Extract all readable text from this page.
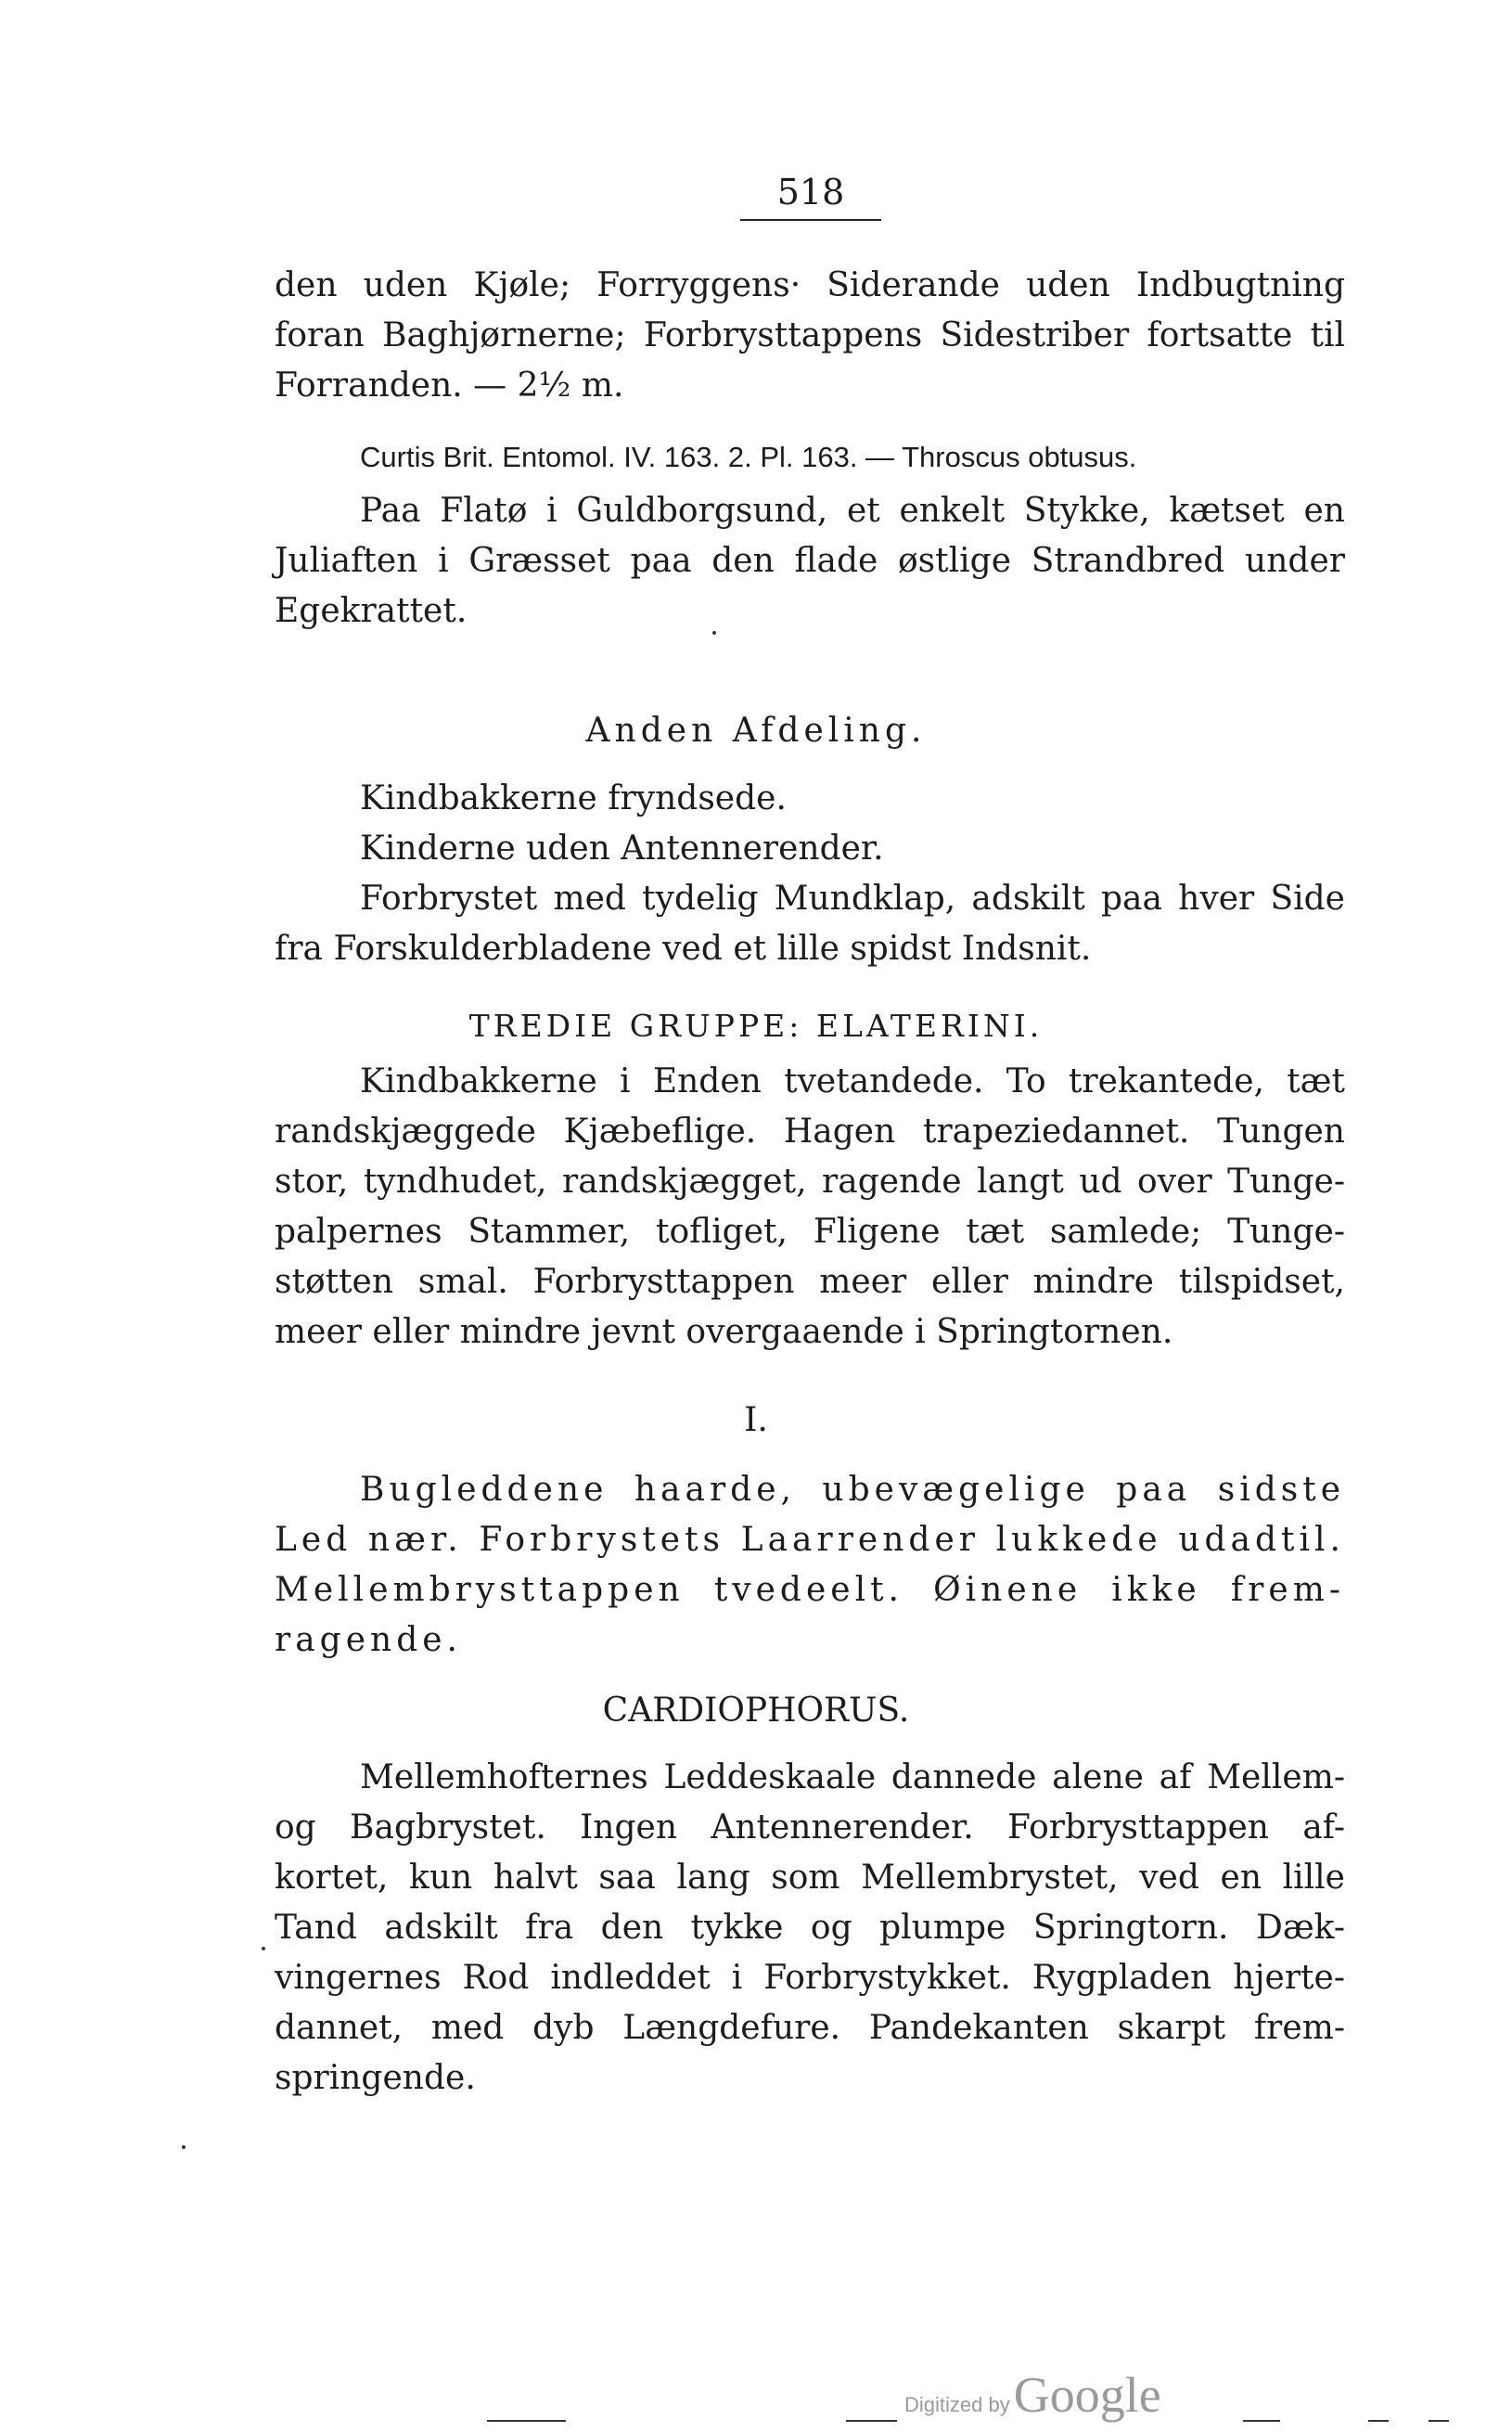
518
den uden Kjøle; Forryggens· Siderande uden Indbugtning
foran Baghjørnerne; Forbrysttappens Sidestriber fortsatte til
Forranden. — 2½ m.
Curtis Brit. Entomol. IV. 163. 2. Pl. 163. — Throscus obtusus.
Paa Flatø i Guldborgsund, et enkelt Stykke, kætset en
Juliaften i Græsset paa den flade østlige Strandbred under
Egekrattet.
Anden Afdeling.
Kindbakkerne fryndsede.
Kinderne uden Antennerender.
Forbrystet med tydelig Mundklap, adskilt paa hver Side
fra Forskulderbladene ved et lille spidst Indsnit.
TREDIE GRUPPE: ELATERINI.
Kindbakkerne i Enden tvetandede. To trekantede, tæt
randskjæggede Kjæbeflige. Hagen trapeziedannet. Tungen
stor, tyndhudet, randskjægget, ragende langt ud over Tunge-
palpernes Stammer, tofliget, Fligene tæt samlede; Tunge-
støtten smal. Forbrysttappen meer eller mindre tilspidset,
meer eller mindre jevnt overgaaende i Springtornen.
I.
Bugleddene haarde, ubevægelige paa sidste
Led nær. Forbrystets Laarrender lukkede udadtil.
Mellembrysttappen tvedeelt. Øinene ikke frem-
ragende.
CARDIOPHORUS.
Mellemhofternes Leddeskaale dannede alene af Mellem-
og Bagbrystet. Ingen Antennerender. Forbrysttappen af-
kortet, kun halvt saa lang som Mellembrystet, ved en lille
Tand adskilt fra den tykke og plumpe Springtorn. Dæk-
vingernes Rod indleddet i Forbrystykket. Rygpladen hjerte-
dannet, med dyb Længdefure. Pandekanten skarpt frem-
springende.
Digitized byGoogle
